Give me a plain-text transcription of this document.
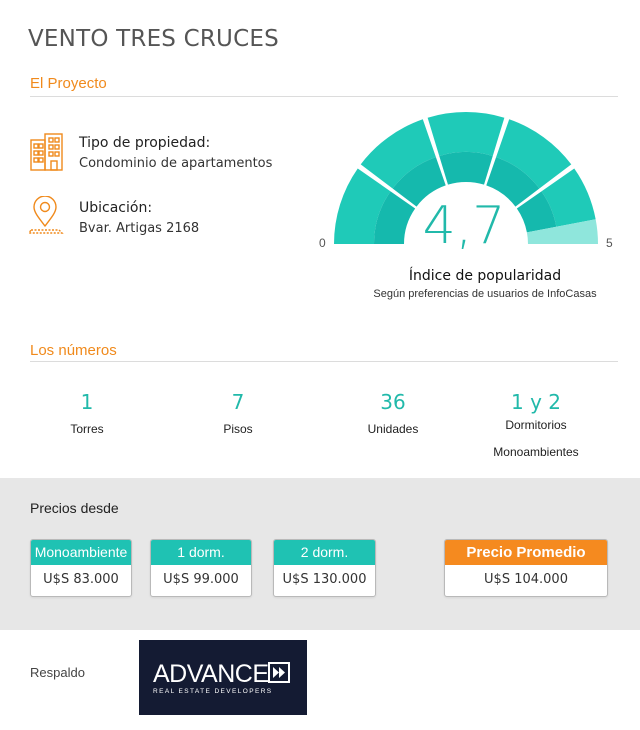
VENTO TRES CRUCES
El Proyecto
Tipo de propiedad:
Condominio de apartamentos
Ubicación:
Bvar. Artigas 2168	4,7
0	5
Índice de popularidad
Según preferencias de usuarios de InfoCasas
Los números
1
Torres
7
Pisos
36
Unidades
1 y 2
Dormitorios
Monoambientes
Precios desde
Monoambiente
U$S 83.000
1 dorm.
U$S 99.000
2 dorm.
U$S 130.000
Precio Promedio
U$S 104.000
Respaldo	ADVANCE
REAL ESTATE DEVELOPERS
